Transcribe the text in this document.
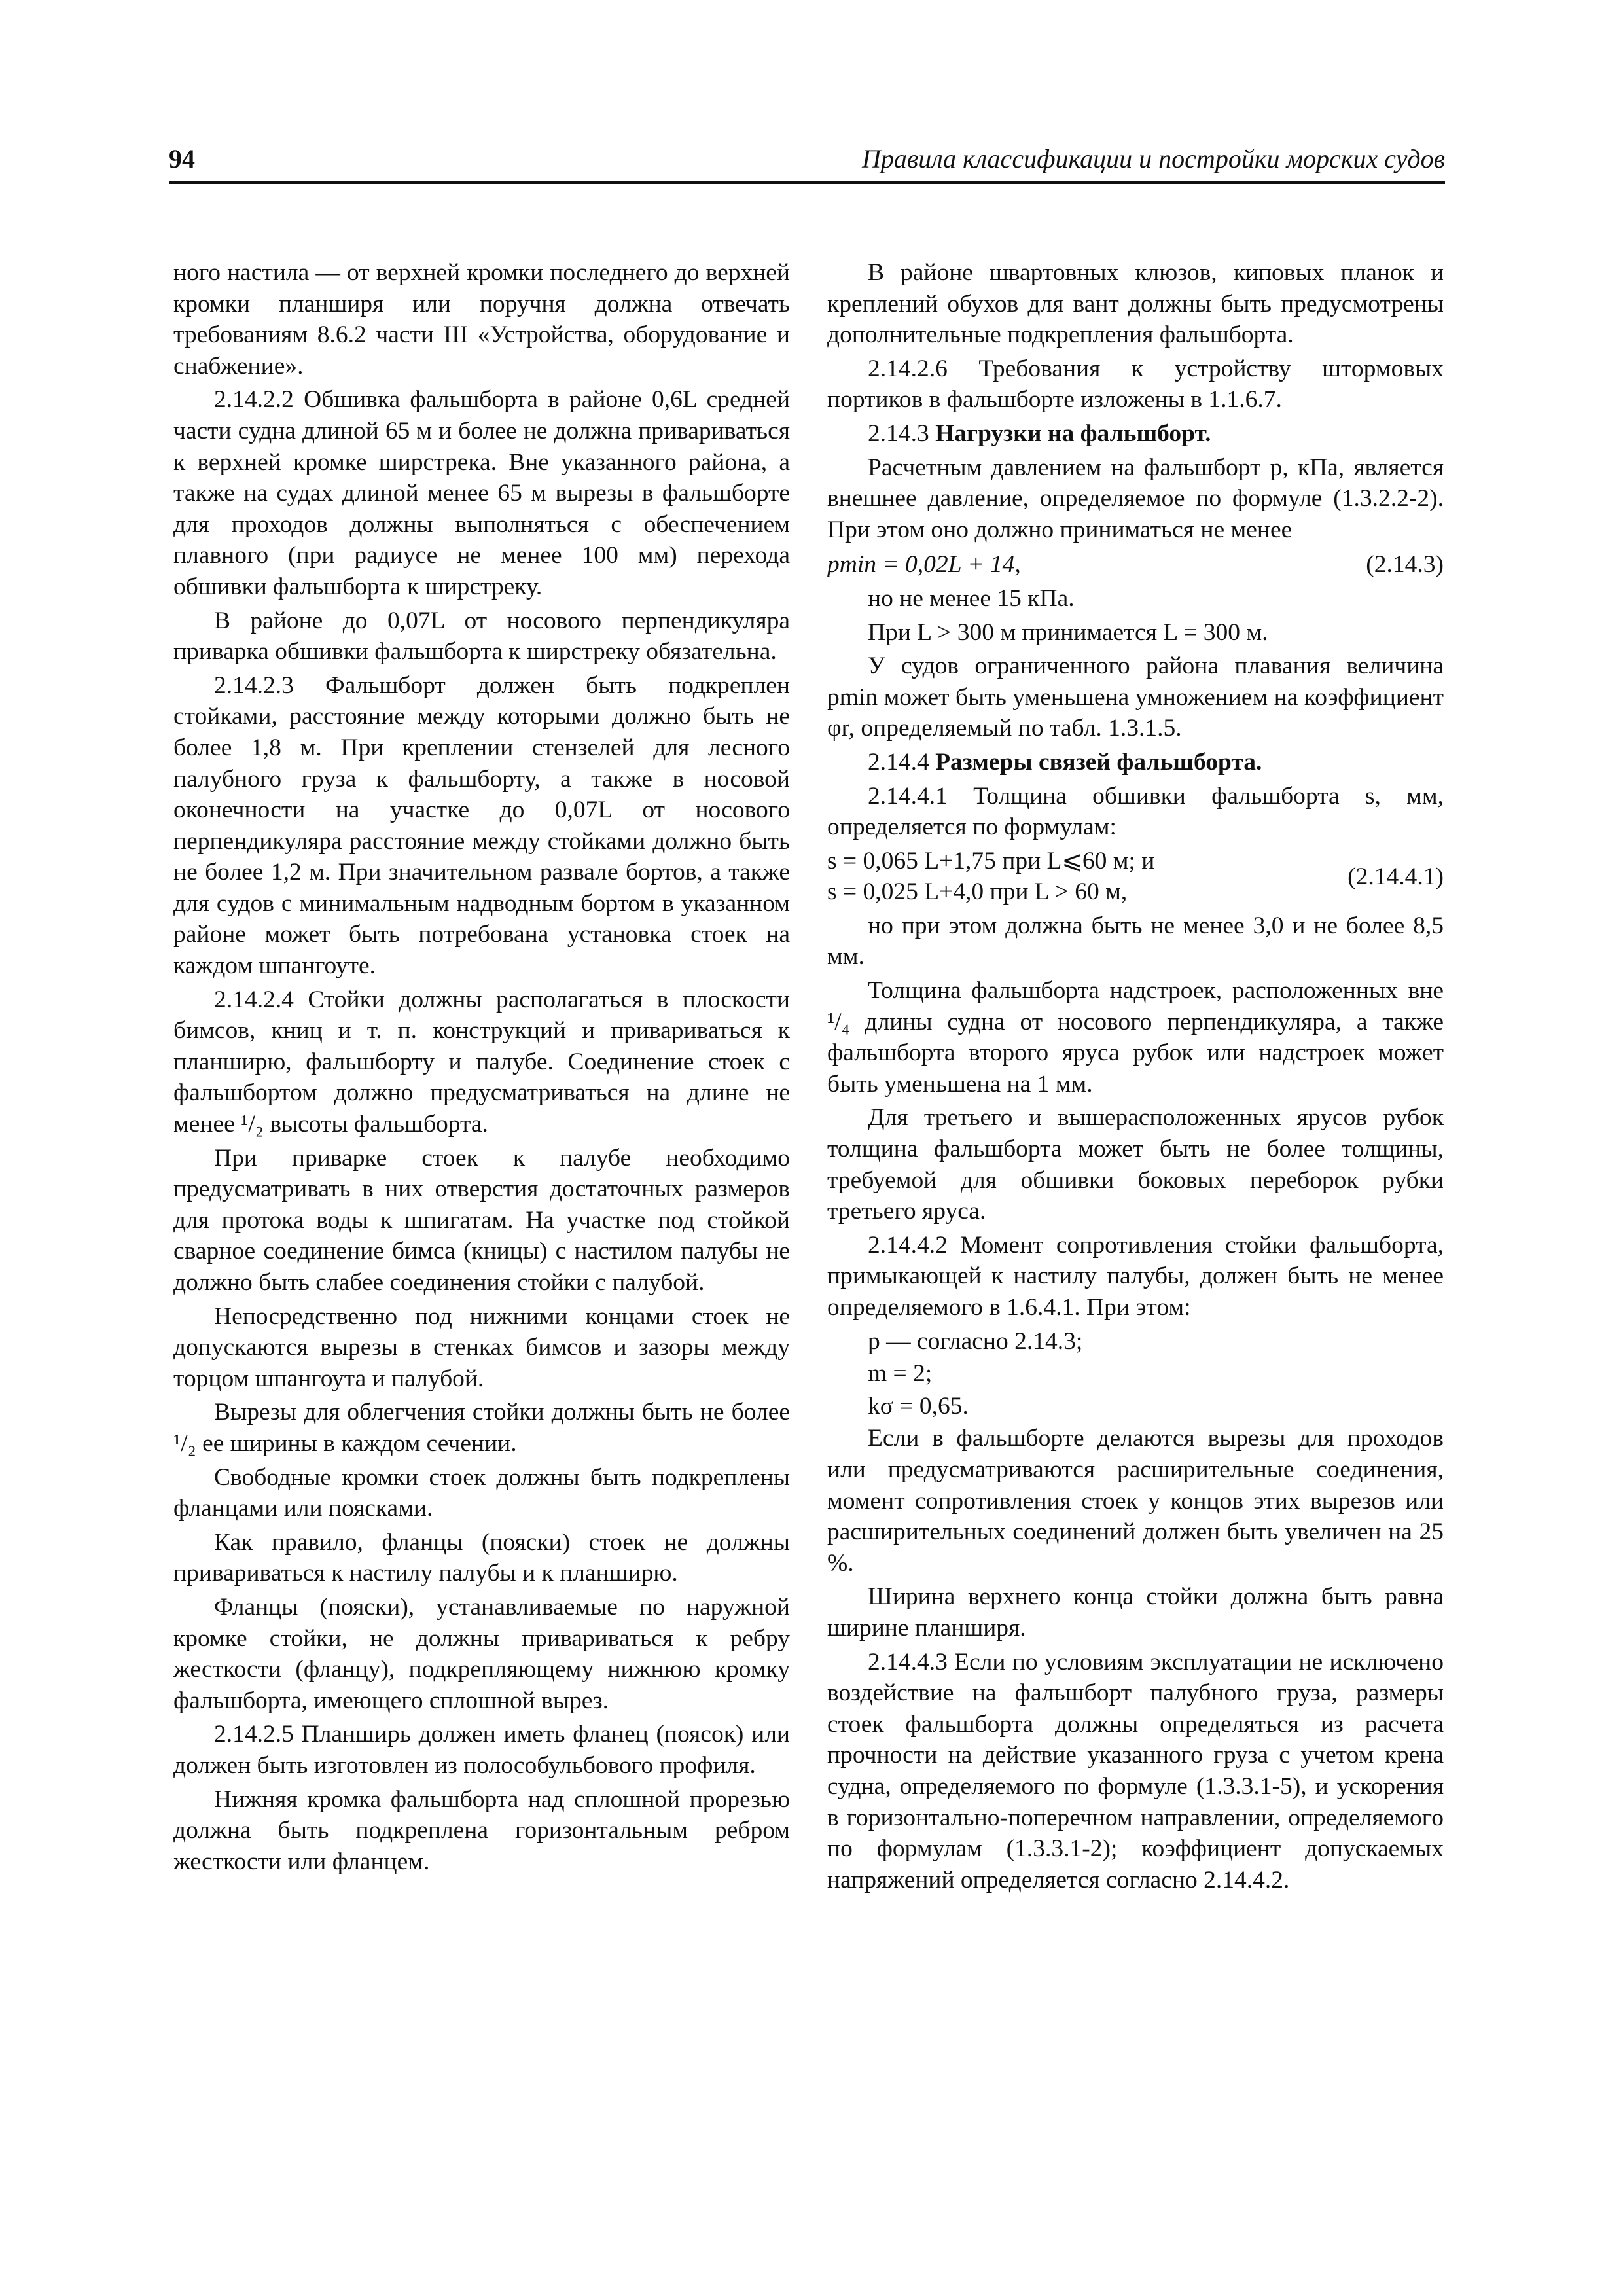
94	Правила классификации и постройки морских судов

ного настила — от верхней кромки последнего до верхней кромки планширя или поручня должна отвечать требованиям 8.6.2 части III «Устройства, оборудование и снабжение».

2.14.2.2 Обшивка фальшборта в районе 0,6L средней части судна длиной 65 м и более не должна привариваться к верхней кромке ширстрека. Вне указанного района, а также на судах длиной менее 65 м вырезы в фальшборте для проходов должны выполняться с обеспечением плавного (при радиусе не менее 100 мм) перехода обшивки фальшборта к ширстреку.

В районе до 0,07L от носового перпендикуляра приварка обшивки фальшборта к ширстреку обязательна.

2.14.2.3 Фальшборт должен быть подкреплен стойками, расстояние между которыми должно быть не более 1,8 м. При креплении стензелей для лесного палубного груза к фальшборту, а также в носовой оконечности на участке до 0,07L от носового перпендикуляра расстояние между стойками должно быть не более 1,2 м. При значительном развале бортов, а также для судов с минимальным надводным бортом в указанном районе может быть потребована установка стоек на каждом шпангоуте.

2.14.2.4 Стойки должны располагаться в плоскости бимсов, книц и т. п. конструкций и привариваться к планширю, фальшборту и палубе. Соединение стоек с фальшбортом должно предусматриваться на длине не менее ¹/₂ высоты фальшборта.

При приварке стоек к палубе необходимо предусматривать в них отверстия достаточных размеров для протока воды к шпигатам. На участке под стойкой сварное соединение бимса (кницы) с настилом палубы не должно быть слабее соединения стойки с палубой.

Непосредственно под нижними концами стоек не допускаются вырезы в стенках бимсов и зазоры между торцом шпангоута и палубой.

Вырезы для облегчения стойки должны быть не более ¹/₂ ее ширины в каждом сечении.

Свободные кромки стоек должны быть подкреплены фланцами или поясками.

Как правило, фланцы (пояски) стоек не должны привариваться к настилу палубы и к планширю.

Фланцы (пояски), устанавливаемые по наружной кромке стойки, не должны привариваться к ребру жесткости (фланцу), подкрепляющему нижнюю кромку фальшборта, имеющего сплошной вырез.

2.14.2.5 Планширь должен иметь фланец (поясок) или должен быть изготовлен из полособульбового профиля.

Нижняя кромка фальшборта над сплошной прорезью должна быть подкреплена горизонтальным ребром жесткости или фланцем.

В районе швартовных клюзов, киповых планок и креплений обухов для вант должны быть предусмотрены дополнительные подкрепления фальшборта.

2.14.2.6 Требования к устройству штормовых портиков в фальшборте изложены в 1.1.6.7.

2.14.3 Нагрузки на фальшборт.

Расчетным давлением на фальшборт p, кПа, является внешнее давление, определяемое по формуле (1.3.2.2-2). При этом оно должно приниматься не менее

pmin = 0,02L + 14,	(2.14.3)

но не менее 15 кПа.

При L > 300 м принимается L = 300 м.

У судов ограниченного района плавания величина pmin может быть уменьшена умножением на коэффициент φr, определяемый по табл. 1.3.1.5.

2.14.4 Размеры связей фальшборта.

2.14.4.1 Толщина обшивки фальшборта s, мм, определяется по формулам:

s = 0,065 L+1,75 при L⩽60 м; и
s = 0,025 L+4,0 при L > 60 м,
(2.14.4.1)

но при этом должна быть не менее 3,0 и не более 8,5 мм.

Толщина фальшборта надстроек, расположенных вне ¹/₄ длины судна от носового перпендикуляра, а также фальшборта второго яруса рубок или надстроек может быть уменьшена на 1 мм.

Для третьего и вышерасположенных ярусов рубок толщина фальшборта может быть не более толщины, требуемой для обшивки боковых переборок рубки третьего яруса.

2.14.4.2 Момент сопротивления стойки фальшборта, примыкающей к настилу палубы, должен быть не менее определяемого в 1.6.4.1. При этом:

p — согласно 2.14.3;

m = 2;

kσ = 0,65.

Если в фальшборте делаются вырезы для проходов или предусматриваются расширительные соединения, момент сопротивления стоек у концов этих вырезов или расширительных соединений должен быть увеличен на 25 %.

Ширина верхнего конца стойки должна быть равна ширине планширя.

2.14.4.3 Если по условиям эксплуатации не исключено воздействие на фальшборт палубного груза, размеры стоек фальшборта должны определяться из расчета прочности на действие указанного груза с учетом крена судна, определяемого по формуле (1.3.3.1-5), и ускорения в горизонтально-поперечном направлении, определяемого по формулам (1.3.3.1-2); коэффициент допускаемых напряжений определяется согласно 2.14.4.2.
